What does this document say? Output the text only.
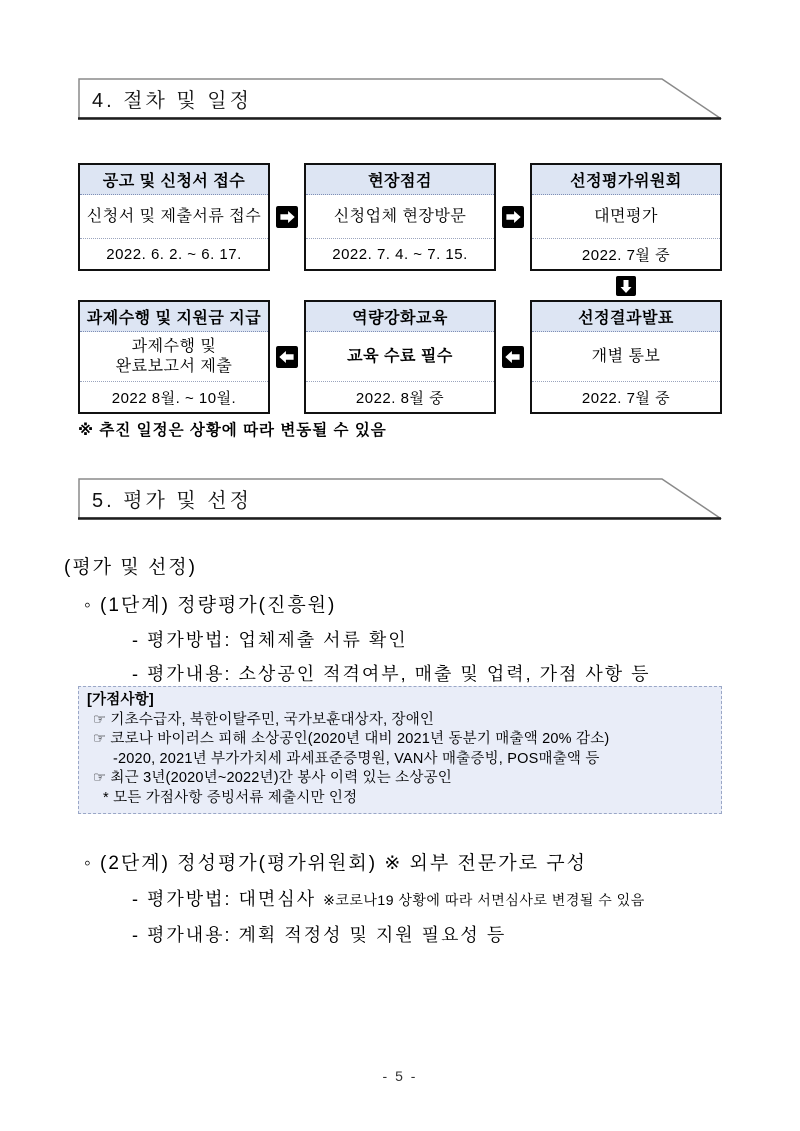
4. 절차 및 일정
공고 및 신청서 접수
신청서 및 제출서류 접수
2022. 6. 2. ~ 6. 17.
현장점검
신청업체 현장방문
2022. 7. 4. ~ 7. 15.
선정평가위원회
대면평가
2022. 7월 중
과제수행 및 지원금 지급
과제수행 및
완료보고서 제출
2022 8월. ~ 10월.
역량강화교육
교육 수료 필수
2022. 8월 중
선정결과발표
개별 통보
2022. 7월 중
※ 추진 일정은 상황에 따라 변동될 수 있음
5. 평가 및 선정
(평가 및 선정)
◦ (1단계) 정량평가(진흥원)
- 평가방법: 업체제출 서류 확인
- 평가내용: 소상공인 적격여부, 매출 및 업력, 가점 사항 등
[가점사항]
☞ 기초수급자, 북한이탈주민, 국가보훈대상자, 장애인
☞ 코로나 바이러스 피해 소상공인(2020년 대비 2021년 동분기 매출액 20% 감소)
-2020, 2021년 부가가치세 과세표준증명원, VAN사 매출증빙, POS매출액 등
☞ 최근 3년(2020년~2022년)간 봉사 이력 있는 소상공인
* 모든 가점사항 증빙서류 제출시만 인정
◦ (2단계) 정성평가(평가위원회) ※ 외부 전문가로 구성
- 평가방법: 대면심사 ※코로나19 상황에 따라 서면심사로 변경될 수 있음
- 평가내용: 계획 적정성 및 지원 필요성 등
- 5 -
